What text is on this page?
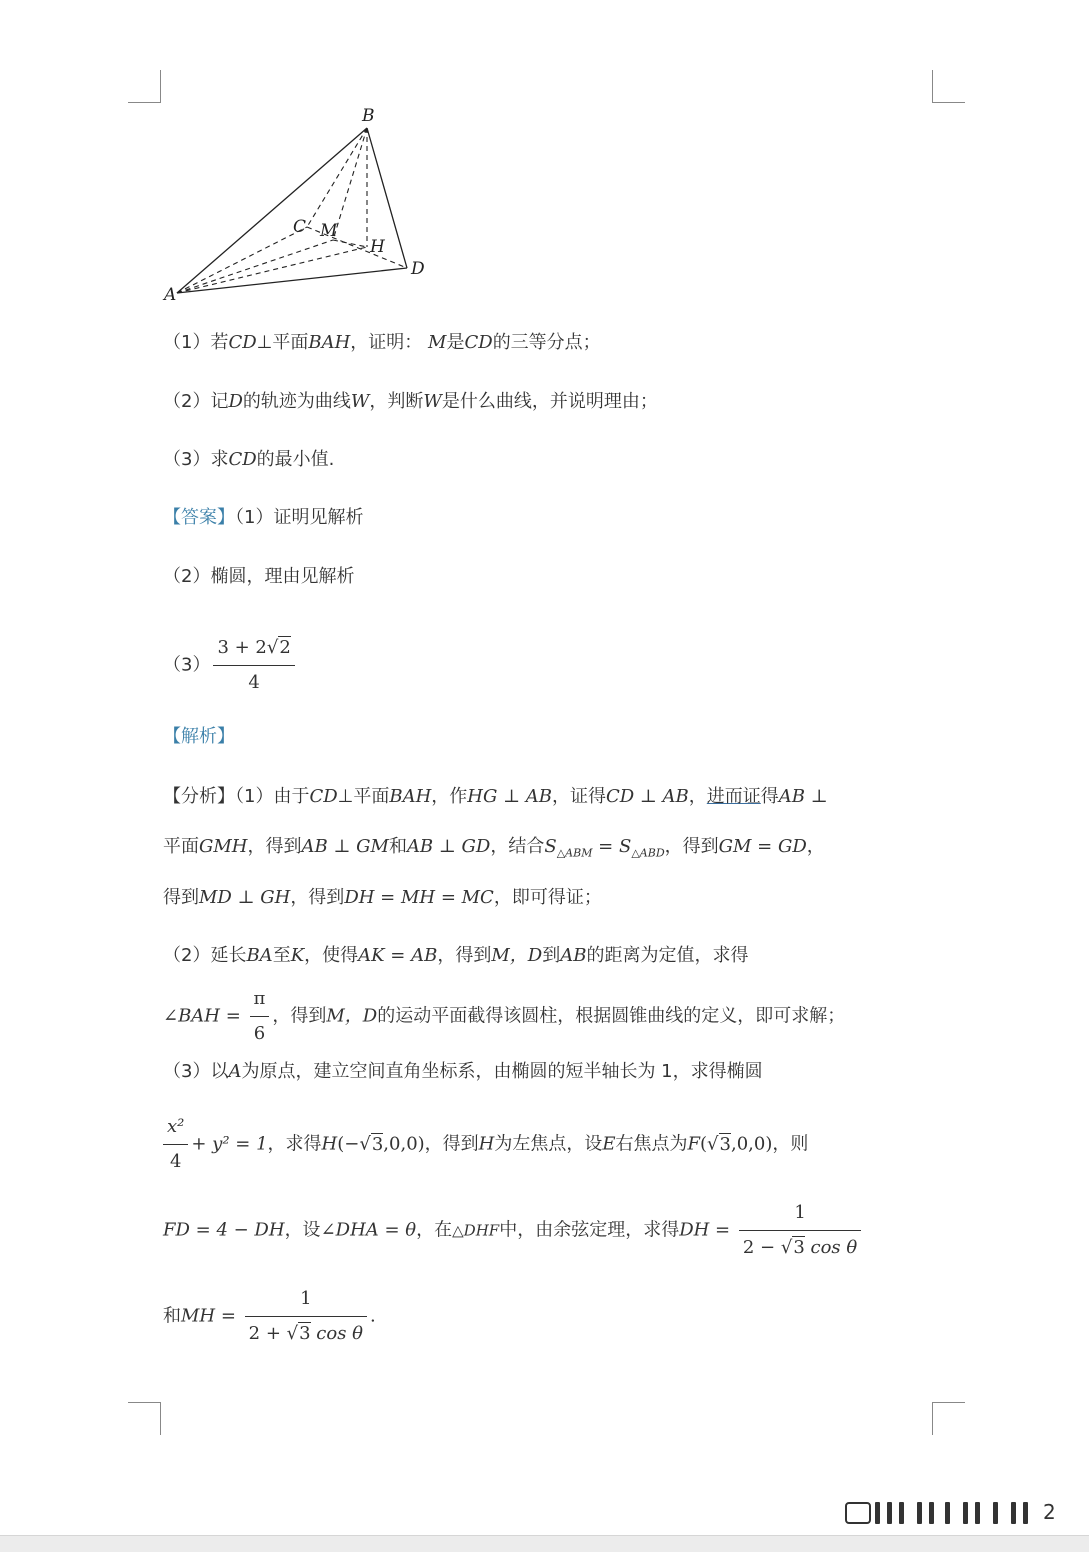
B
A
C M
H
D
（1）若CD⊥平面BAH，证明： M是CD的三等分点；
（2）记D的轨迹为曲线W，判断W是什么曲线，并说明理由；
（3）求CD的最小值.
【答案】（1）证明见解析
（2）椭圆，理由见解析
$(3) \frac{3 + 2√2}{4}$
【解析】
【分析】（1）由于CD⊥平面BAH，作HG ⊥ AB，证得CD ⊥ AB，进而证得AB ⊥
平面GMH，得到AB ⊥ GM和AB ⊥ GD，结合$S_{\triangle ABM} = S_{\triangle ABD}$，得到GM = GD，
得到MD ⊥ GH，得到DH = MH = MC，即可得证；
（2）延长BA至K，使得AK = AB，得到M，D到AB的距离为定值，求得
∠BAH = $\frac{\pi}{6}$ ，得到M，D的运动平面截得该圆柱，根据圆锥曲线的定义，即可求解；
（3）以A为原点，建立空间直角坐标系，由椭圆的短半轴长为 1，求得椭圆
$\frac{\text{x²}}{4} + y^2 = 1$，求得H(−√3,0,0)，得到H为左焦点，设E右焦点为F(√3,0,0)，则
FD = 4 − DH，设∠DHA = θ，在△DHF中，由余弦定理，求得DH = $\frac{1}{\text{2 − √3 cos θ}}$
和MH = $\frac{1}{\text{2 + √3 cos θ}}$ .
2
